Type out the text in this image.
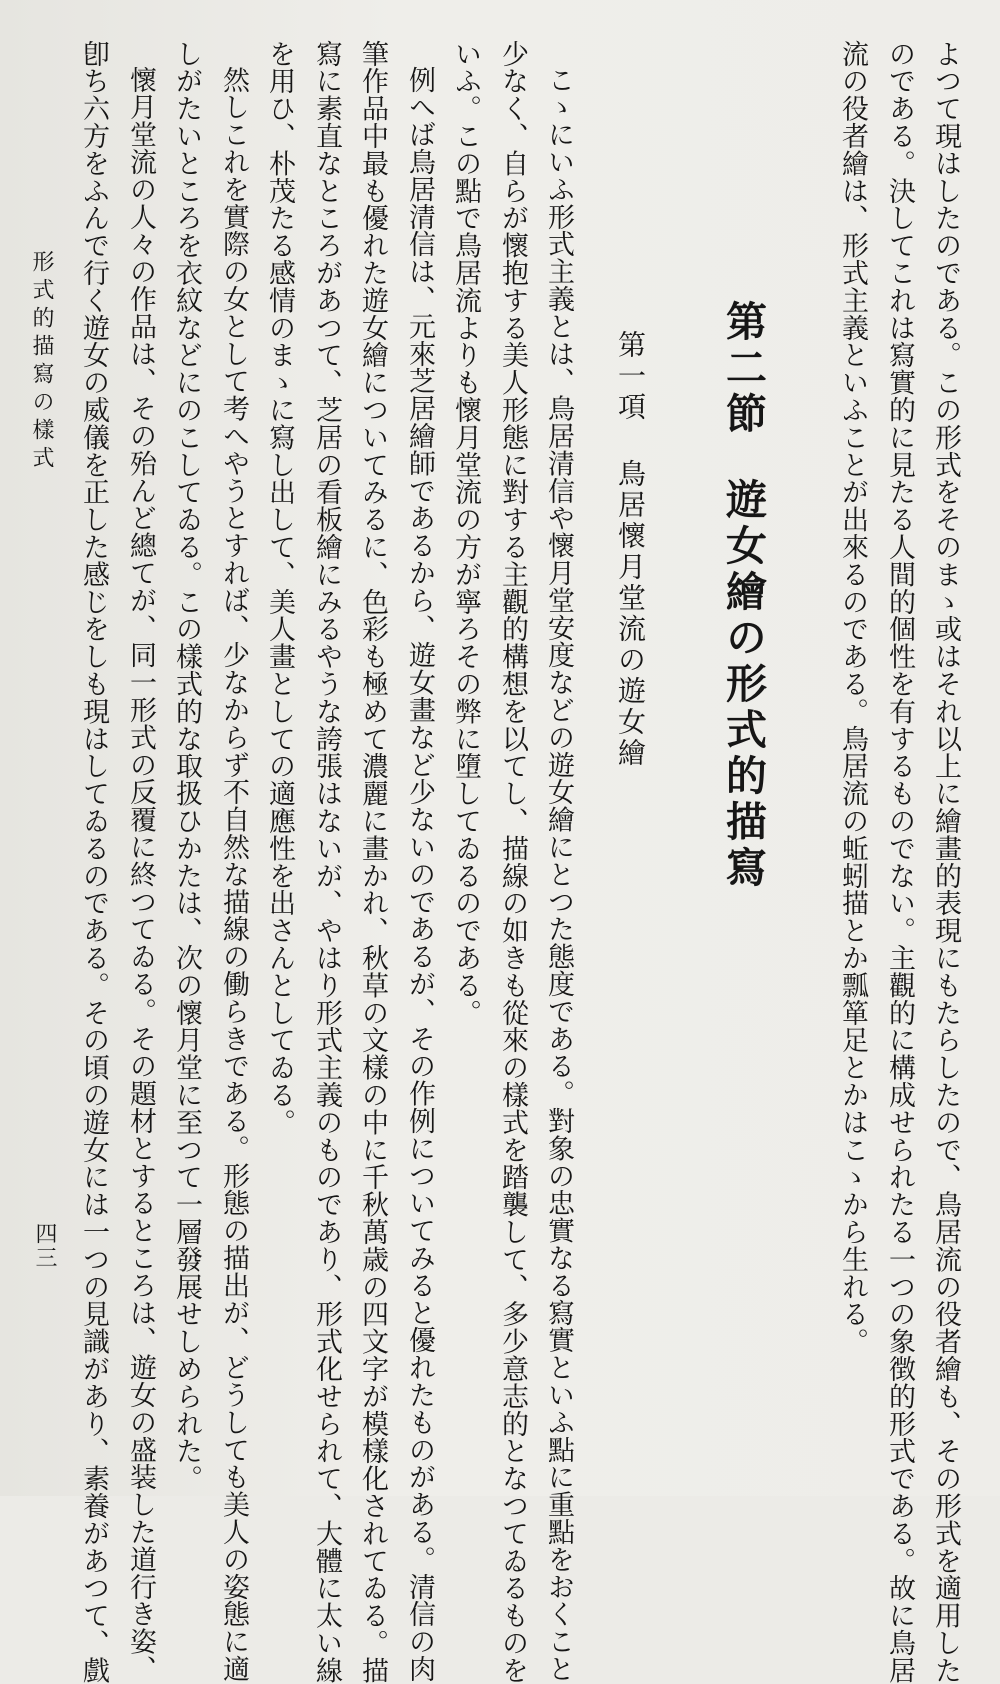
よつて現はしたのである。この形式をそのまゝ或はそれ以上に繪畫的表現にもたらしたので、鳥居流の役者繪も、その形式を適用した
のである。決してこれは寫實的に見たる人間的個性を有するものでない。主觀的に構成せられたる一つの象徴的形式である。故に鳥居
流の役者繪は、形式主義といふことが出來るのである。鳥居流の蚯蚓描とか瓢箪足とかはこゝから生れる。
第二節
遊女繪の形式的描寫
第一項鳥居懷月堂流の遊女繪
こゝにいふ形式主義とは、鳥居清信や懷月堂安度などの遊女繪にとつた態度である。對象の忠實なる寫實といふ點に重點をおくこと
少なく、自らが懷抱する美人形態に對する主觀的構想を以てし、描線の如きも從來の樣式を踏襲して、多少意志的となつてゐるものを
いふ。この點で鳥居流よりも懷月堂流の方が寧ろその弊に墮してゐるのである。
例へば鳥居清信は、元來芝居繪師であるから、遊女畫など少ないのであるが、その作例についてみると優れたものがある。清信の肉
筆作品中最も優れた遊女繪についてみるに、色彩も極めて濃麗に畫かれ、秋草の文樣の中に千秋萬歳の四文字が模樣化されてゐる。描
寫に素直なところがあつて、芝居の看板繪にみるやうな誇張はないが、やはり形式主義のものであり、形式化せられて、大體に太い線
を用ひ、朴茂たる感情のまゝに寫し出して、美人畫としての適應性を出さんとしてゐる。
然しこれを實際の女として考へやうとすれば、少なからず不自然な描線の働らきである。形態の描出が、どうしても美人の姿態に適
しがたいところを衣紋などにのこしてゐる。この樣式的な取扱ひかたは、次の懷月堂に至つて一層發展せしめられた。
懷月堂流の人々の作品は、その殆んど總てが、同一形式の反覆に終つてゐる。その題材とするところは、遊女の盛装した道行き姿、
卽ち六方をふんで行く遊女の威儀を正した感じをしも現はしてゐるのである。その頃の遊女には一つの見識があり、素養があつて、戲
形式的描寫の樣式
四三
